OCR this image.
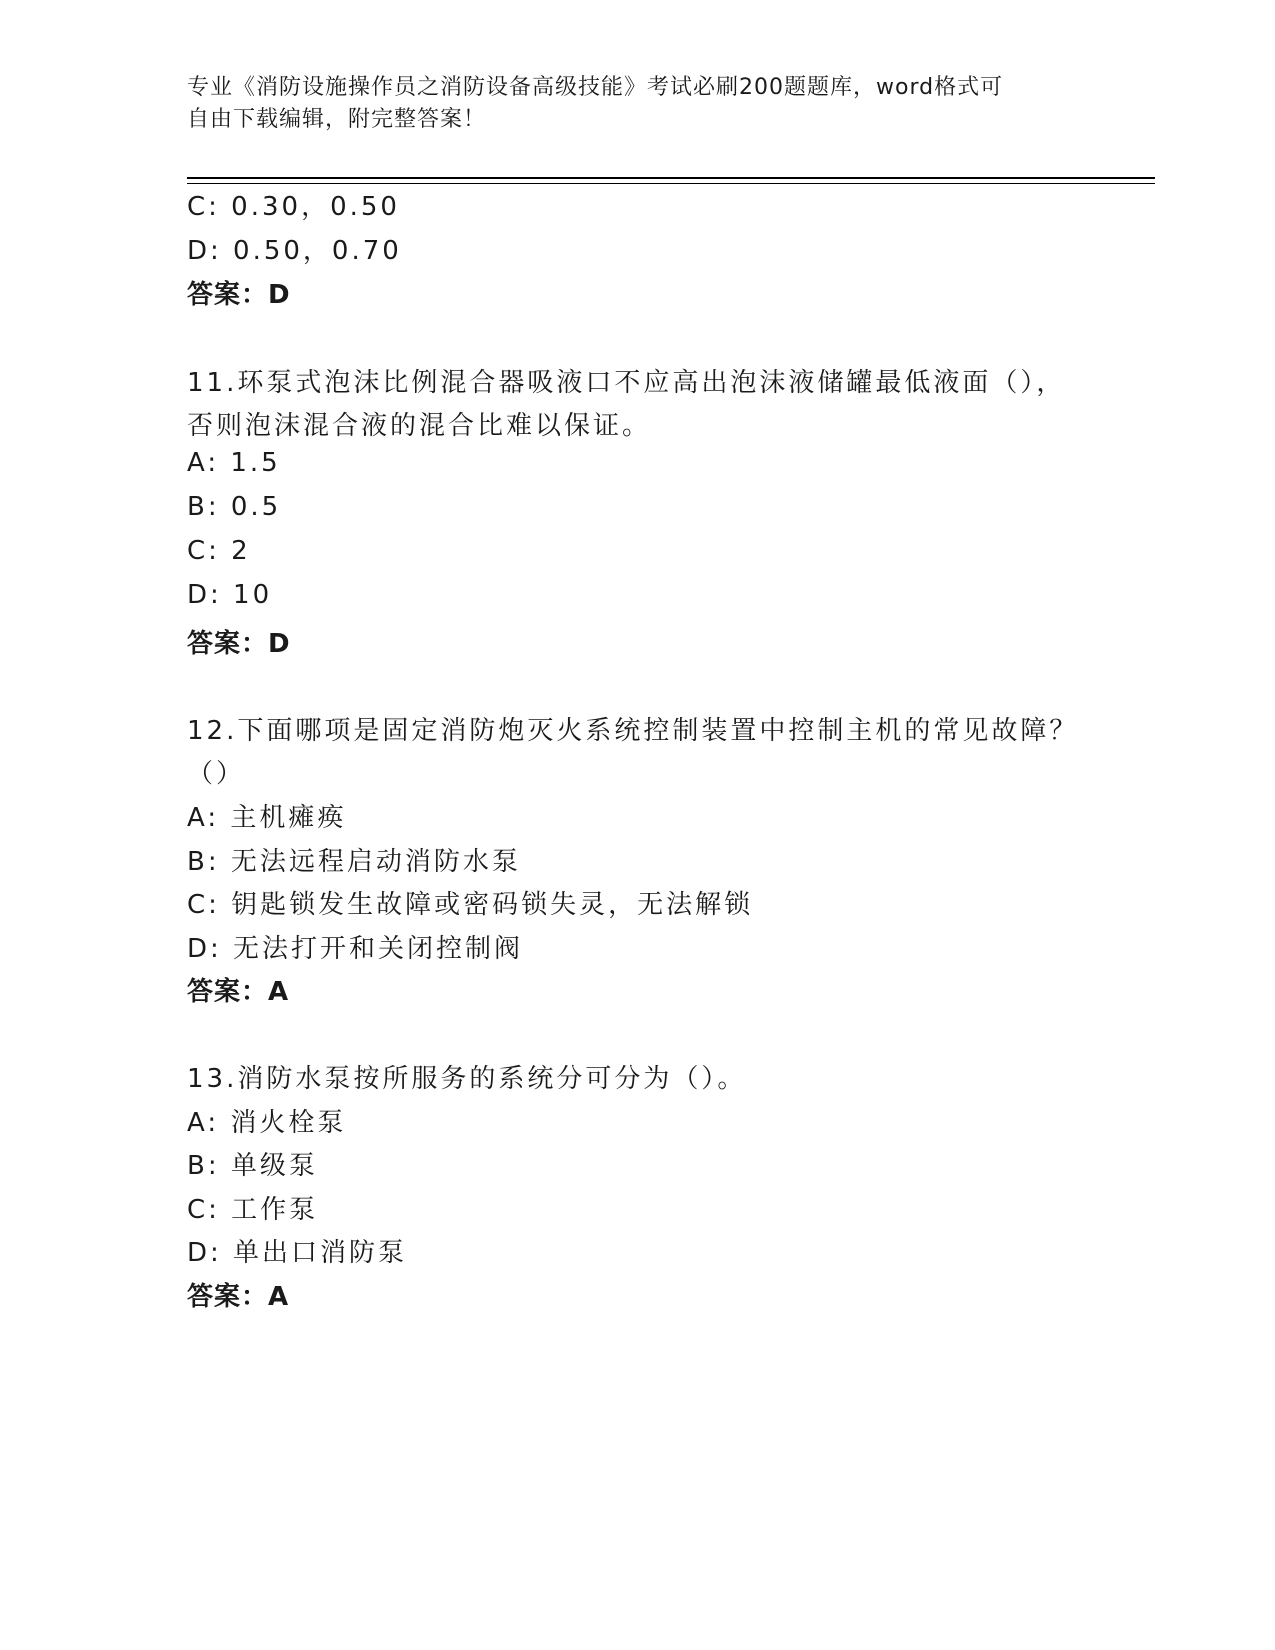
专业《消防设施操作员之消防设备高级技能》考试必刷200题题库，word格式可
自由下载编辑，附完整答案！
C: 0.30，0.50
D: 0.50，0.70
答案：D
11.环泵式泡沫比例混合器吸液口不应高出泡沫液储罐最低液面（），
否则泡沫混合液的混合比难以保证。
A: 1.5
B: 0.5
C: 2
D: 10
答案：D
12.下面哪项是固定消防炮灭火系统控制装置中控制主机的常见故障？
（）
A: 主机瘫痪
B: 无法远程启动消防水泵
C: 钥匙锁发生故障或密码锁失灵，无法解锁
D: 无法打开和关闭控制阀
答案：A
13.消防水泵按所服务的系统分可分为（）。
A: 消火栓泵
B: 单级泵
C: 工作泵
D: 单出口消防泵
答案：A
